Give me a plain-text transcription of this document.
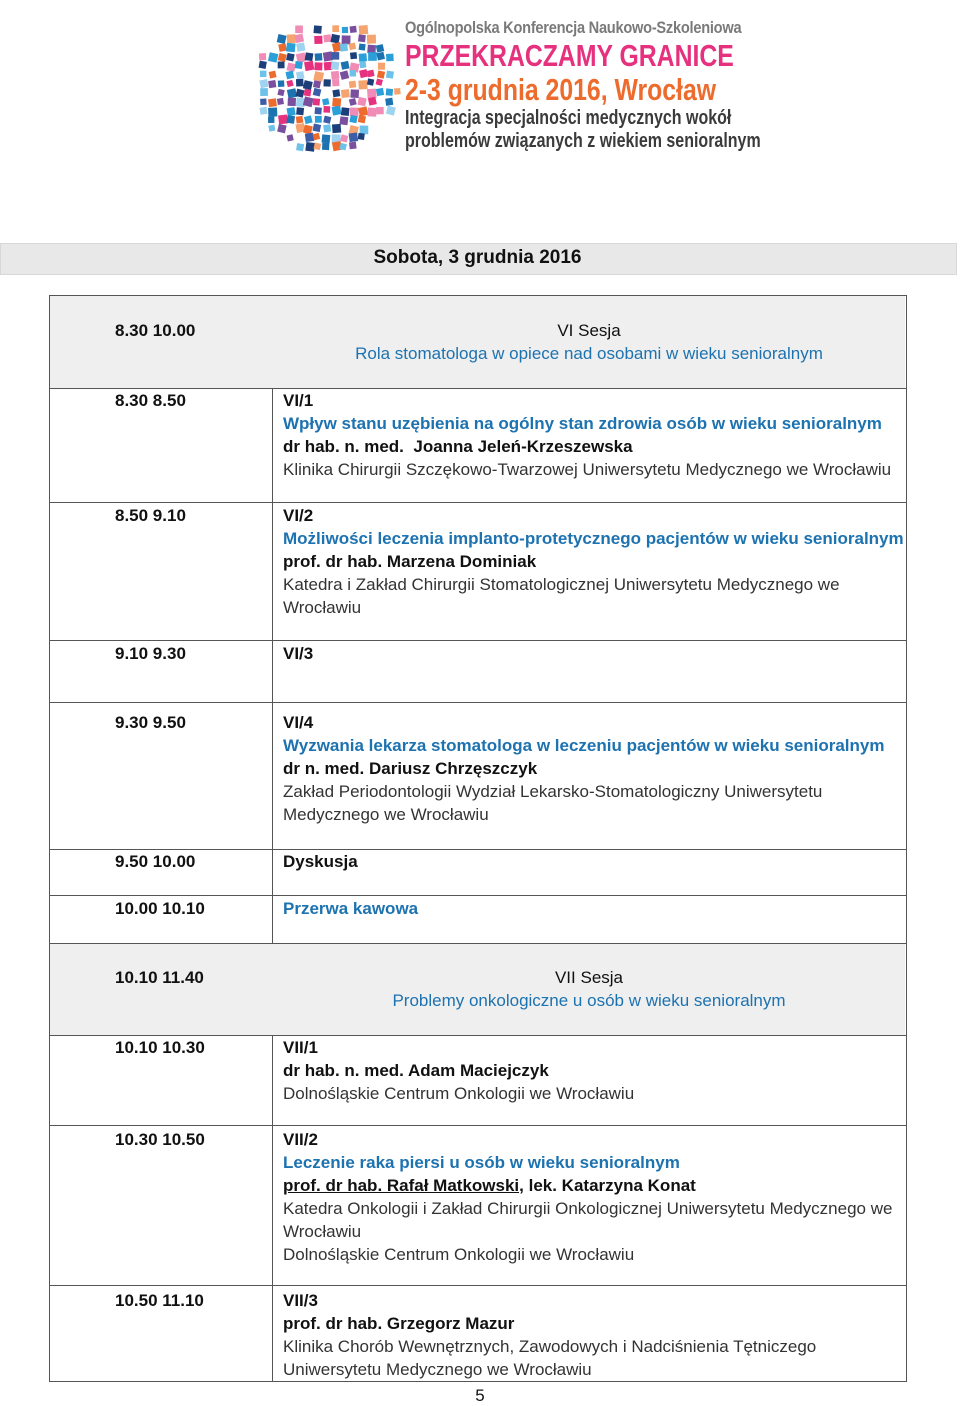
Ogólnopolska Konferencja Naukowo-Szkoleniowa
PRZEKRACZAMY GRANICE
2-3 grudnia 2016, Wrocław
Integracja specjalności medycznych wokół
problemów związanych z wiekiem senioralnym
Sobota, 3 grudnia 2016
8.30 10.00	VI Sesja
Rola stomatologa w opiece nad osobami w wieku senioralnym
8.30 8.50	VI/1
Wpływ stanu uzębienia na ogólny stan zdrowia osób w wieku senioralnym
dr hab. n. med. Joanna Jeleń-Krzeszewska
Klinika Chirurgii Szczękowo-Twarzowej Uniwersytetu Medycznego we Wrocławiu
8.50 9.10	VI/2
Możliwości leczenia implanto-protetycznego pacjentów w wieku senioralnym
prof. dr hab. Marzena Dominiak
Katedra i Zakład Chirurgii Stomatologicznej Uniwersytetu Medycznego we
Wrocławiu
9.10 9.30	VI/3
9.30 9.50	VI/4
Wyzwania lekarza stomatologa w leczeniu pacjentów w wieku senioralnym
dr n. med. Dariusz Chrzęszczyk
Zakład Periodontologii Wydział Lekarsko-Stomatologiczny Uniwersytetu
Medycznego we Wrocławiu
9.50 10.00	Dyskusja
10.00 10.10	Przerwa kawowa
10.10 11.40	VII Sesja
Problemy onkologiczne u osób w wieku senioralnym
10.10 10.30	VII/1
dr hab. n. med. Adam Maciejczyk
Dolnośląskie Centrum Onkologii we Wrocławiu
10.30 10.50	VII/2
Leczenie raka piersi u osób w wieku senioralnym
prof. dr hab. Rafał Matkowski, lek. Katarzyna Konat
Katedra Onkologii i Zakład Chirurgii Onkologicznej Uniwersytetu Medycznego we
Wrocławiu
Dolnośląskie Centrum Onkologii we Wrocławiu
10.50 11.10	VII/3
prof. dr hab. Grzegorz Mazur
Klinika Chorób Wewnętrznych, Zawodowych i Nadciśnienia Tętniczego
Uniwersytetu Medycznego we Wrocławiu
5
